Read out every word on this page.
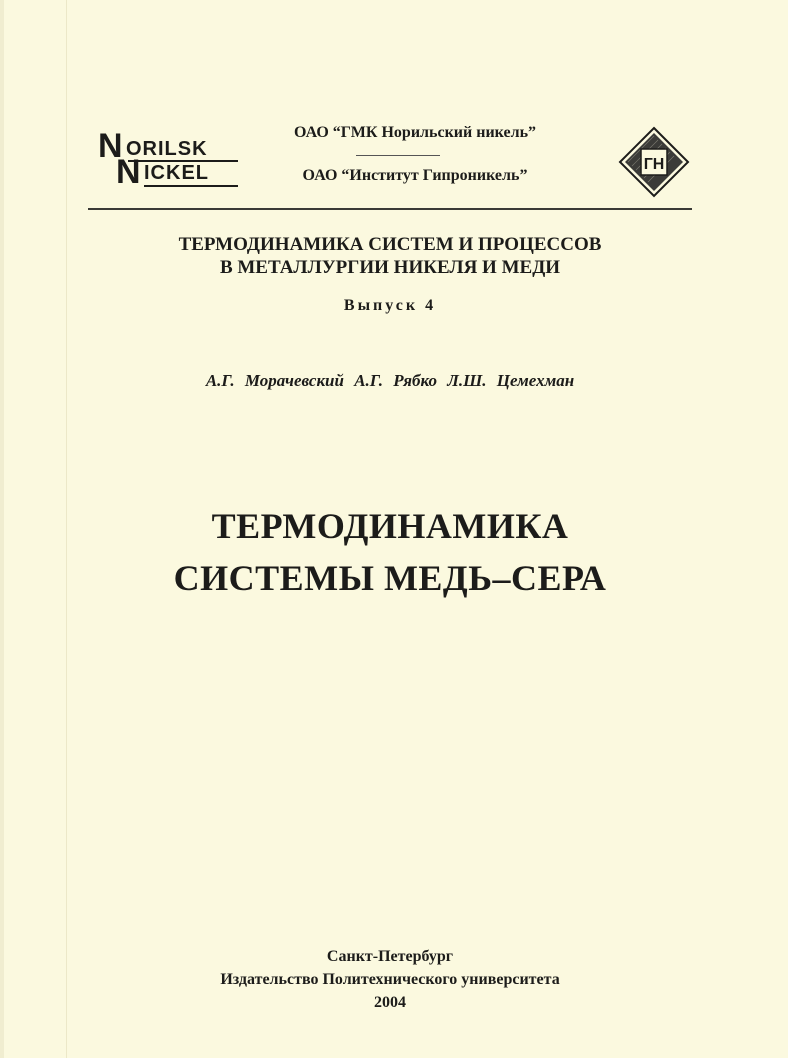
N ORILSK
N ICKEL
ОАО “ГМК Норильский никель”
ОАО “Институт Гипроникель”
ГН
ТЕРМОДИНАМИКА СИСТЕМ И ПРОЦЕССОВ
В МЕТАЛЛУРГИИ НИКЕЛЯ И МЕДИ
Выпуск 4
А.Г. Морачевский А.Г. Рябко Л.Ш. Цемехман
ТЕРМОДИНАМИКА
СИСТЕМЫ МЕДЬ–СЕРА
Санкт-Петербург
Издательство Политехнического университета
2004
